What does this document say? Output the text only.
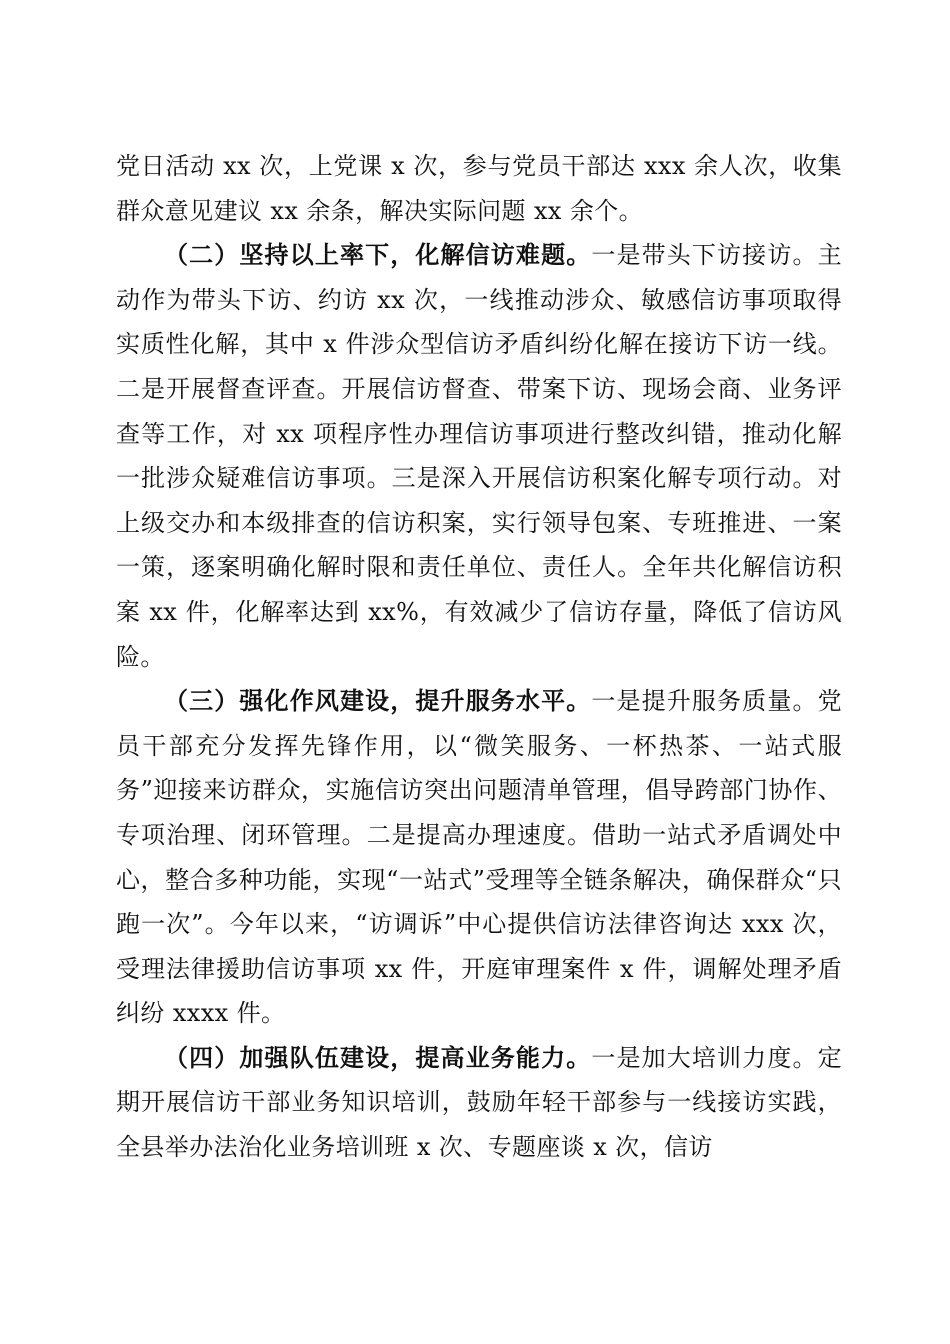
党日活动 xx 次，上党课 x 次，参与党员干部达 xxx 余人次，收集群众意见建议 xx 余条，解决实际问题 xx 余个。

（二）坚持以上率下，化解信访难题。一是带头下访接访。主动作为带头下访、约访 xx 次，一线推动涉众、敏感信访事项取得实质性化解，其中 x 件涉众型信访矛盾纠纷化解在接访下访一线。二是开展督查评查。开展信访督查、带案下访、现场会商、业务评查等工作，对 xx 项程序性办理信访事项进行整改纠错，推动化解一批涉众疑难信访事项。三是深入开展信访积案化解专项行动。对上级交办和本级排查的信访积案，实行领导包案、专班推进、一案一策，逐案明确化解时限和责任单位、责任人。全年共化解信访积案 xx 件，化解率达到 xx%，有效减少了信访存量，降低了信访风险。

（三）强化作风建设，提升服务水平。一是提升服务质量。党员干部充分发挥先锋作用，以“微笑服务、一杯热茶、一站式服务”迎接来访群众，实施信访突出问题清单管理，倡导跨部门协作、专项治理、闭环管理。二是提高办理速度。借助一站式矛盾调处中心，整合多种功能，实现“一站式”受理等全链条解决，确保群众“只跑一次”。今年以来，“访调诉”中心提供信访法律咨询达 xxx 次，受理法律援助信访事项 xx 件，开庭审理案件 x 件，调解处理矛盾纠纷 xxxx 件。

（四）加强队伍建设，提高业务能力。一是加大培训力度。定期开展信访干部业务知识培训，鼓励年轻干部参与一线接访实践，全县举办法治化业务培训班 x 次、专题座谈 x 次，信访
